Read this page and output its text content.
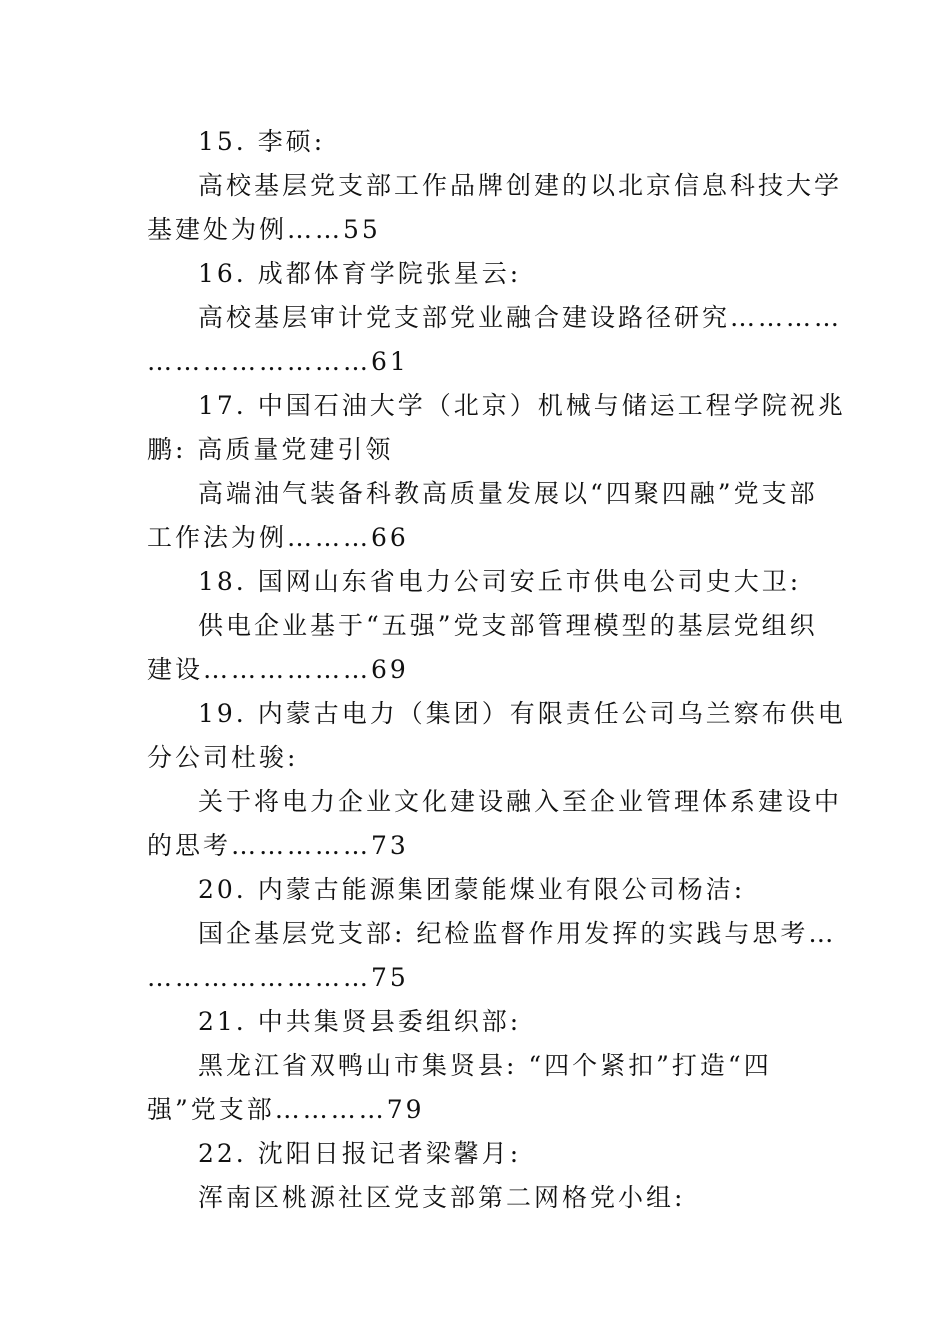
15. 李硕:
高校基层党支部工作品牌创建的以北京信息科技大学
基建处为例……55
16. 成都体育学院张星云:
高校基层审计党支部党业融合建设路径研究…………
……………………61
17. 中国石油大学（北京）机械与储运工程学院祝兆
鹏: 高质量党建引领
高端油气装备科教高质量发展以“四聚四融”党支部
工作法为例………66
18. 国网山东省电力公司安丘市供电公司史大卫:
供电企业基于“五强”党支部管理模型的基层党组织
建设………………69
19. 内蒙古电力（集团）有限责任公司乌兰察布供电
分公司杜骏:
关于将电力企业文化建设融入至企业管理体系建设中
的思考……………73
20. 内蒙古能源集团蒙能煤业有限公司杨洁:
国企基层党支部: 纪检监督作用发挥的实践与思考…
……………………75
21. 中共集贤县委组织部:
黑龙江省双鸭山市集贤县: “四个紧扣”打造“四
强”党支部…………79
22. 沈阳日报记者梁馨月:
浑南区桃源社区党支部第二网格党小组:
